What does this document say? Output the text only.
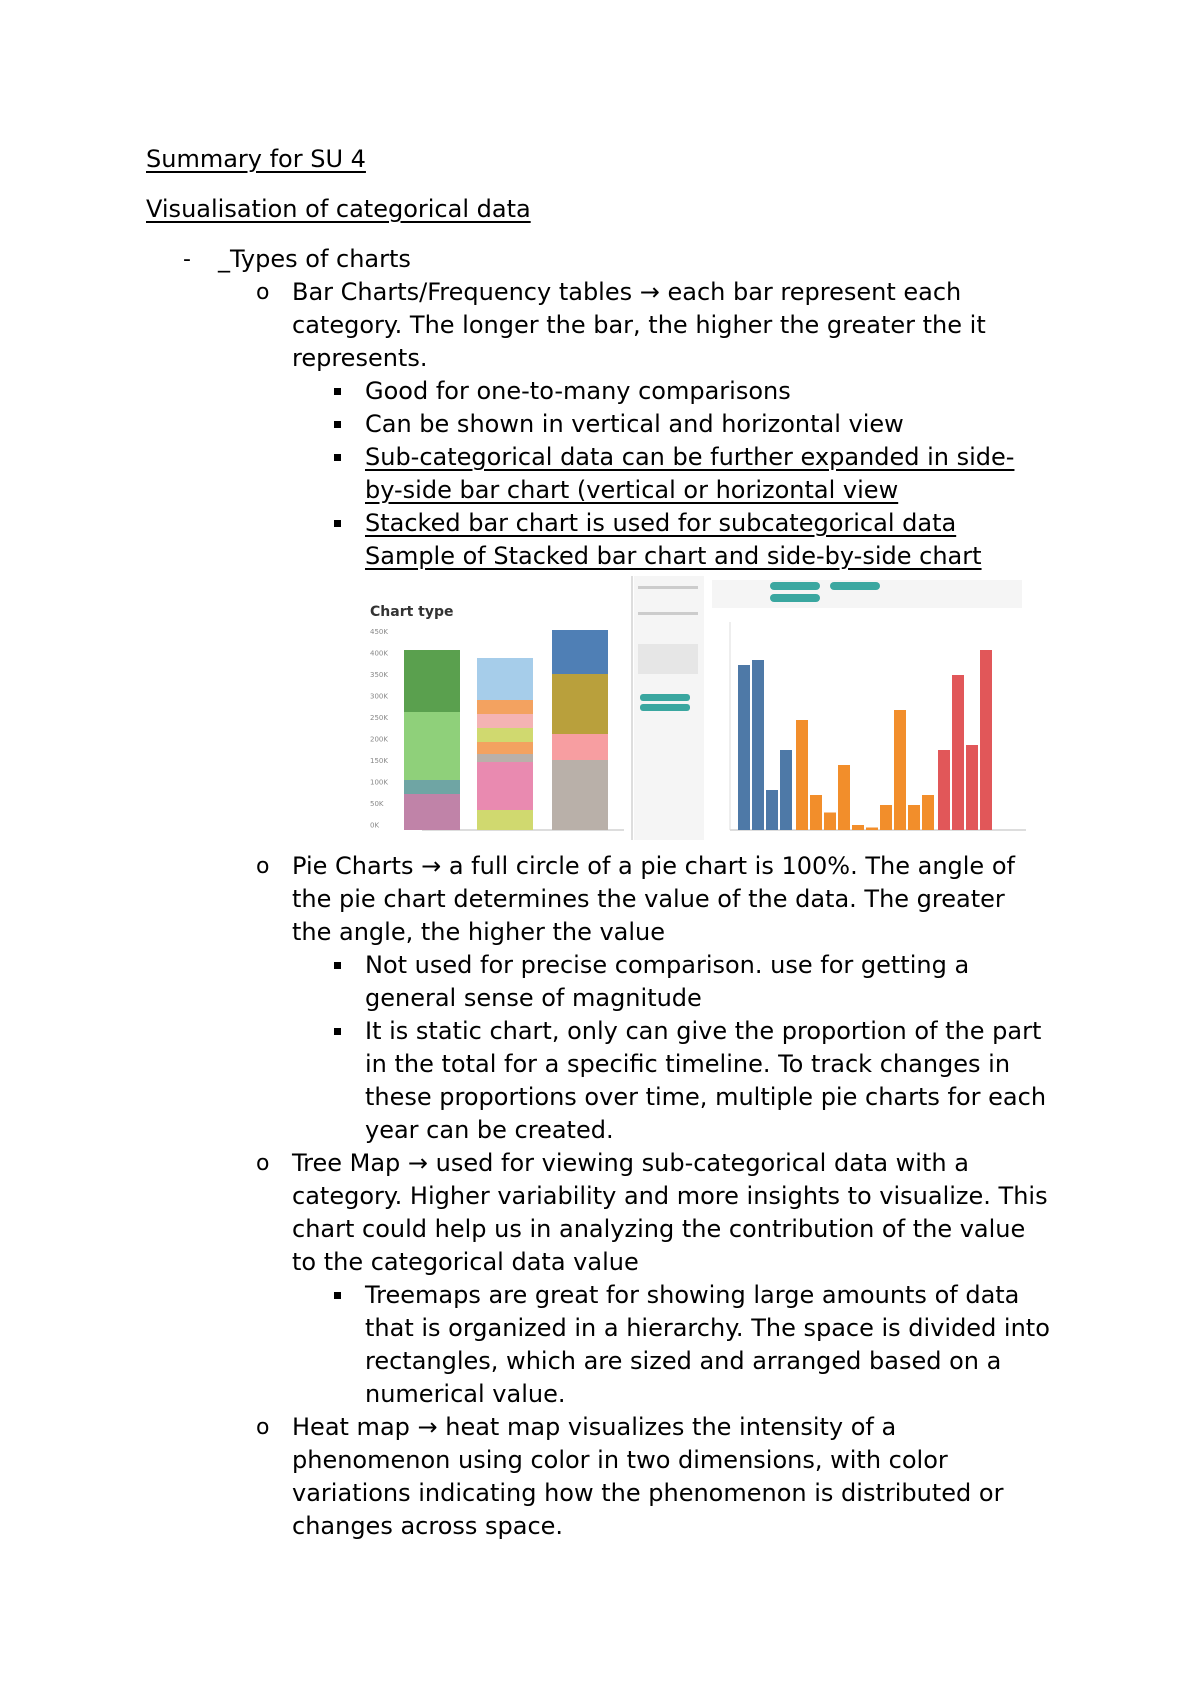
Summary for SU 4
Visualisation of categorical data
- _Types of charts
o Bar Charts/Frequency tables → each bar represent each
category. The longer the bar, the higher the greater the it
represents.
Good for one-to-many comparisons
Can be shown in vertical and horizontal view
Sub-categorical data can be further expanded in side-
by-side bar chart (vertical or horizontal view
Stacked bar chart is used for subcategorical data
Sample of Stacked bar chart and side-by-side chart
Chart type
450K
400K
350K
300K
250K
200K
150K
100K
50K
0K
o Pie Charts → a full circle of a pie chart is 100%. The angle of
the pie chart determines the value of the data. The greater
the angle, the higher the value
Not used for precise comparison. use for getting a
general sense of magnitude
It is static chart, only can give the proportion of the part
in the total for a specific timeline. To track changes in
these proportions over time, multiple pie charts for each
year can be created.
o Tree Map → used for viewing sub-categorical data with a
category. Higher variability and more insights to visualize. This
chart could help us in analyzing the contribution of the value
to the categorical data value
Treemaps are great for showing large amounts of data
that is organized in a hierarchy. The space is divided into
rectangles, which are sized and arranged based on a
numerical value.
o Heat map → heat map visualizes the intensity of a
phenomenon using color in two dimensions, with color
variations indicating how the phenomenon is distributed or
changes across space.
